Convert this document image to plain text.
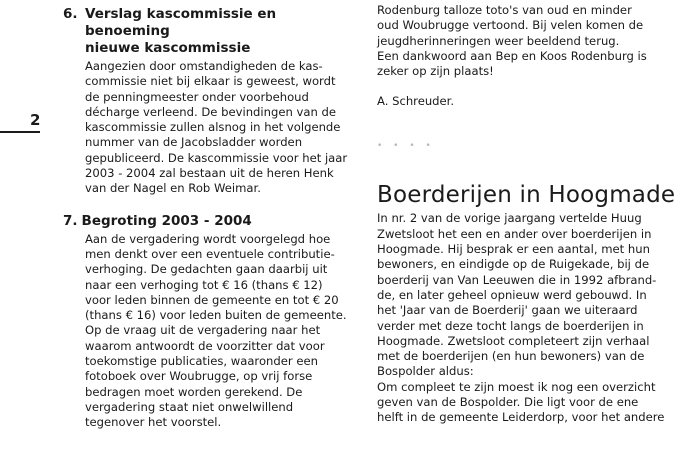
2
6. Verslag kascommissie en benoeming
nieuwe kascommissie
Aangezien door omstandigheden de kas-
commissie niet bij elkaar is geweest, wordt
de penningmeester onder voorbehoud
décharge verleend. De bevindingen van de
kascommissie zullen alsnog in het volgende
nummer van de Jacobsladder worden
gepubliceerd. De kascommissie voor het jaar
2003 - 2004 zal bestaan uit de heren Henk
van der Nagel en Rob Weimar.
7. Begroting 2003 - 2004
Aan de vergadering wordt voorgelegd hoe
men denkt over een eventuele contributie-
verhoging. De gedachten gaan daarbij uit
naar een verhoging tot € 16 (thans € 12)
voor leden binnen de gemeente en tot € 20
(thans € 16) voor leden buiten de gemeente.
Op de vraag uit de vergadering naar het
waarom antwoordt de voorzitter dat voor
toekomstige publicaties, waaronder een
fotoboek over Woubrugge, op vrij forse
bedragen moet worden gerekend. De
vergadering staat niet onwelwillend
tegenover het voorstel.
Rodenburg talloze toto's van oud en minder
oud Woubrugge vertoond. Bij velen komen de
jeugdherinneringen weer beeldend terug.
Een dankwoord aan Bep en Koos Rodenburg is
zeker op zijn plaats!
A. Schreuder.
• • • •
Boerderijen in Hoogmade
In nr. 2 van de vorige jaargang vertelde Huug
Zwetsloot het een en ander over boerderijen in
Hoogmade. Hij besprak er een aantal, met hun
bewoners, en eindigde op de Ruigekade, bij de
boerderij van Van Leeuwen die in 1992 afbrand-
de, en later geheel opnieuw werd gebouwd. In
het 'Jaar van de Boerderij' gaan we uiteraard
verder met deze tocht langs de boerderijen in
Hoogmade. Zwetsloot completeert zijn verhaal
met de boerderijen (en hun bewoners) van de
Bospolder aldus:
Om compleet te zijn moest ik nog een overzicht
geven van de Bospolder. Die ligt voor de ene
helft in de gemeente Leiderdorp, voor het andere
